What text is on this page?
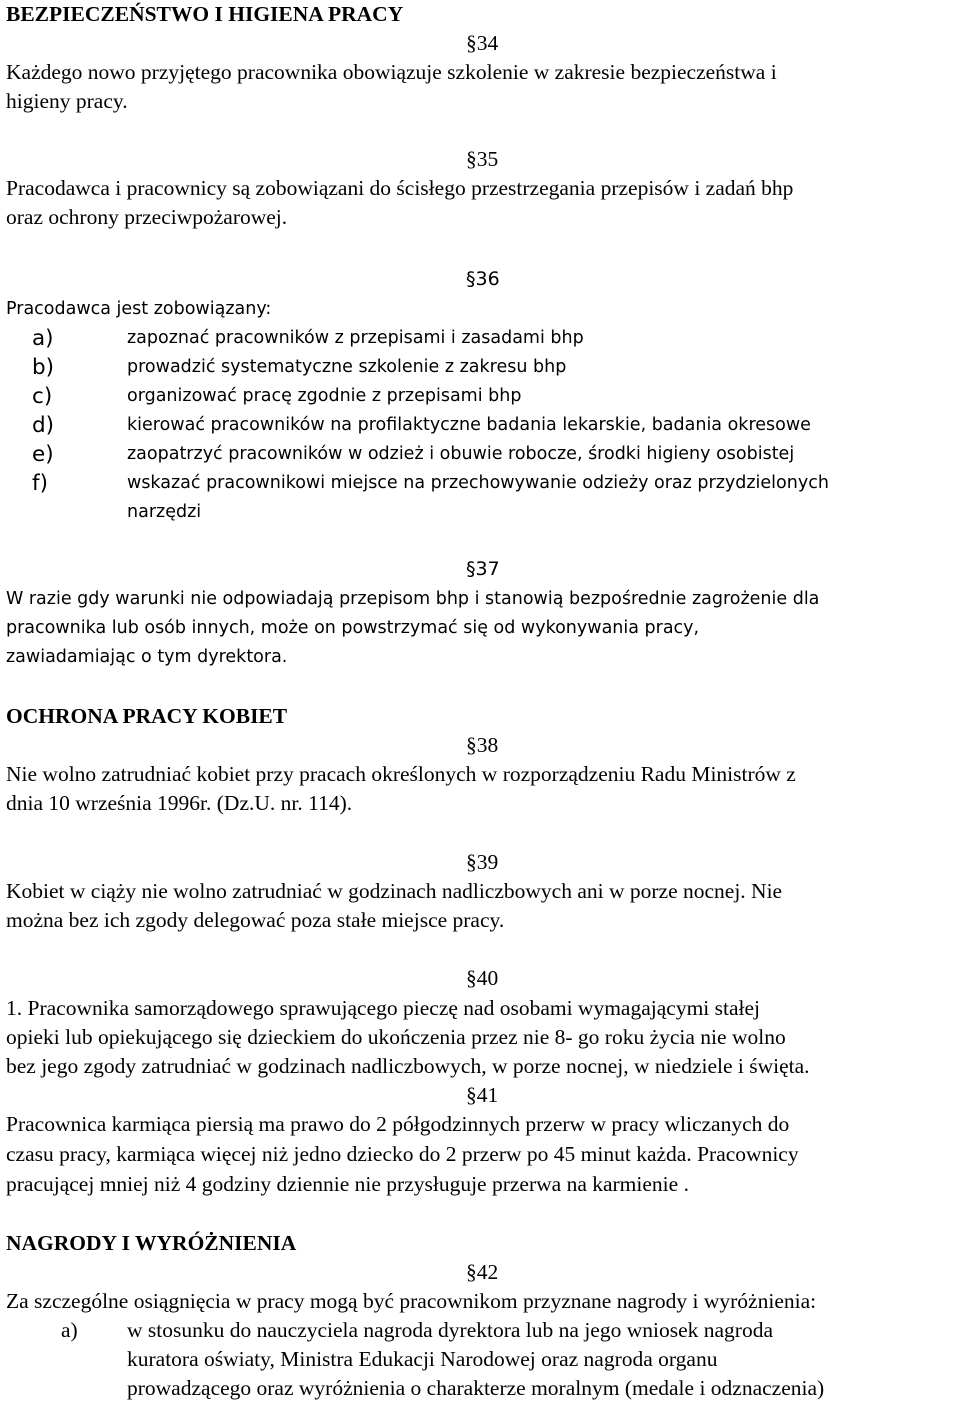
BEZPIECZEŃSTWO I HIGIENA PRACY
§34
Każdego nowo przyjętego pracownika obowiązuje szkolenie w zakresie bezpieczeństwa i
higieny pracy.
§35
Pracodawca i pracownicy są zobowiązani do ścisłego przestrzegania przepisów i zadań bhp
oraz ochrony przeciwpożarowej.
§36
Pracodawca jest zobowiązany:
a)	zapoznać pracowników z przepisami i zasadami bhp
b)	prowadzić systematyczne szkolenie z zakresu bhp
c)	organizować pracę zgodnie z przepisami bhp
d)	kierować pracowników na profilaktyczne badania lekarskie, badania okresowe
e)	zaopatrzyć pracowników w odzież i obuwie robocze, środki higieny osobistej
f)	wskazać pracownikowi miejsce na przechowywanie odzieży oraz przydzielonych
narzędzi
§37
W razie gdy warunki nie odpowiadają przepisom bhp i stanowią bezpośrednie zagrożenie dla
pracownika lub osób innych, może on powstrzymać się od wykonywania pracy,
zawiadamiając o tym dyrektora.
OCHRONA PRACY KOBIET
§38
Nie wolno zatrudniać kobiet przy pracach określonych w rozporządzeniu Radu Ministrów z
dnia 10 września 1996r. (Dz.U. nr. 114).
§39
Kobiet w ciąży nie wolno zatrudniać w godzinach nadliczbowych ani w porze nocnej. Nie
można bez ich zgody delegować poza stałe miejsce pracy.
§40
1. Pracownika samorządowego sprawującego pieczę nad osobami wymagającymi stałej
opieki lub opiekującego się dzieckiem do ukończenia przez nie 8- go roku życia nie wolno
bez jego zgody zatrudniać w godzinach nadliczbowych, w porze nocnej, w niedziele i święta.
§41
Pracownica karmiąca piersią ma prawo do 2 półgodzinnych przerw w pracy wliczanych do
czasu pracy, karmiąca więcej niż jedno dziecko do 2 przerw po 45 minut każda. Pracownicy
pracującej mniej niż 4 godziny dziennie nie przysługuje przerwa na karmienie .
NAGRODY I WYRÓŻNIENIA
§42
Za szczególne osiągnięcia w pracy mogą być pracownikom przyznane nagrody i wyróżnienia:
a) w stosunku do nauczyciela nagroda dyrektora lub na jego wniosek nagroda
kuratora oświaty, Ministra Edukacji Narodowej oraz nagroda organu
prowadzącego oraz wyróżnienia o charakterze moralnym (medale i odznaczenia)
